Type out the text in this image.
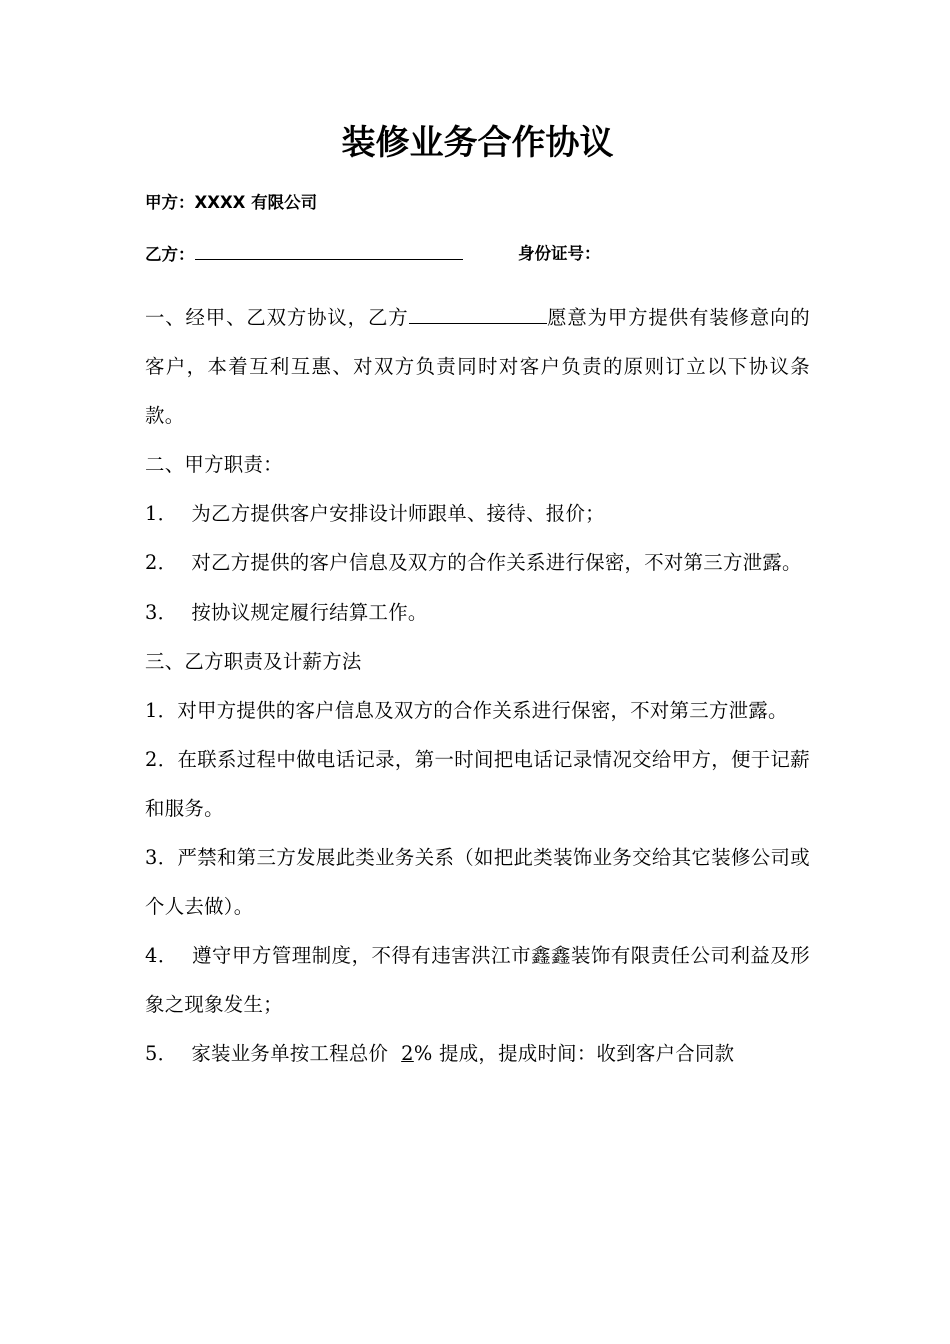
装修业务合作协议
甲方：XXXX 有限公司
乙方：	身份证号：

一、经甲、乙双方协议，乙方	愿意为甲方提供有装修意向的客户，本着互利互惠、对双方负责同时对客户负责的原则订立以下协议条款。

二、甲方职责：

1． 为乙方提供客户安排设计师跟单、接待、报价；

2． 对乙方提供的客户信息及双方的合作关系进行保密，不对第三方泄露。

3． 按协议规定履行结算工作。

三、乙方职责及计薪方法

1．对甲方提供的客户信息及双方的合作关系进行保密，不对第三方泄露。

2．在联系过程中做电话记录，第一时间把电话记录情况交给甲方，便于记薪和服务。

3．严禁和第三方发展此类业务关系（如把此类装饰业务交给其它装修公司或个人去做）。

4． 遵守甲方管理制度，不得有违害洪江市鑫鑫装饰有限责任公司利益及形象之现象发生；

5． 家装业务单按工程总价 2% 提成，提成时间：收到客户合同款
